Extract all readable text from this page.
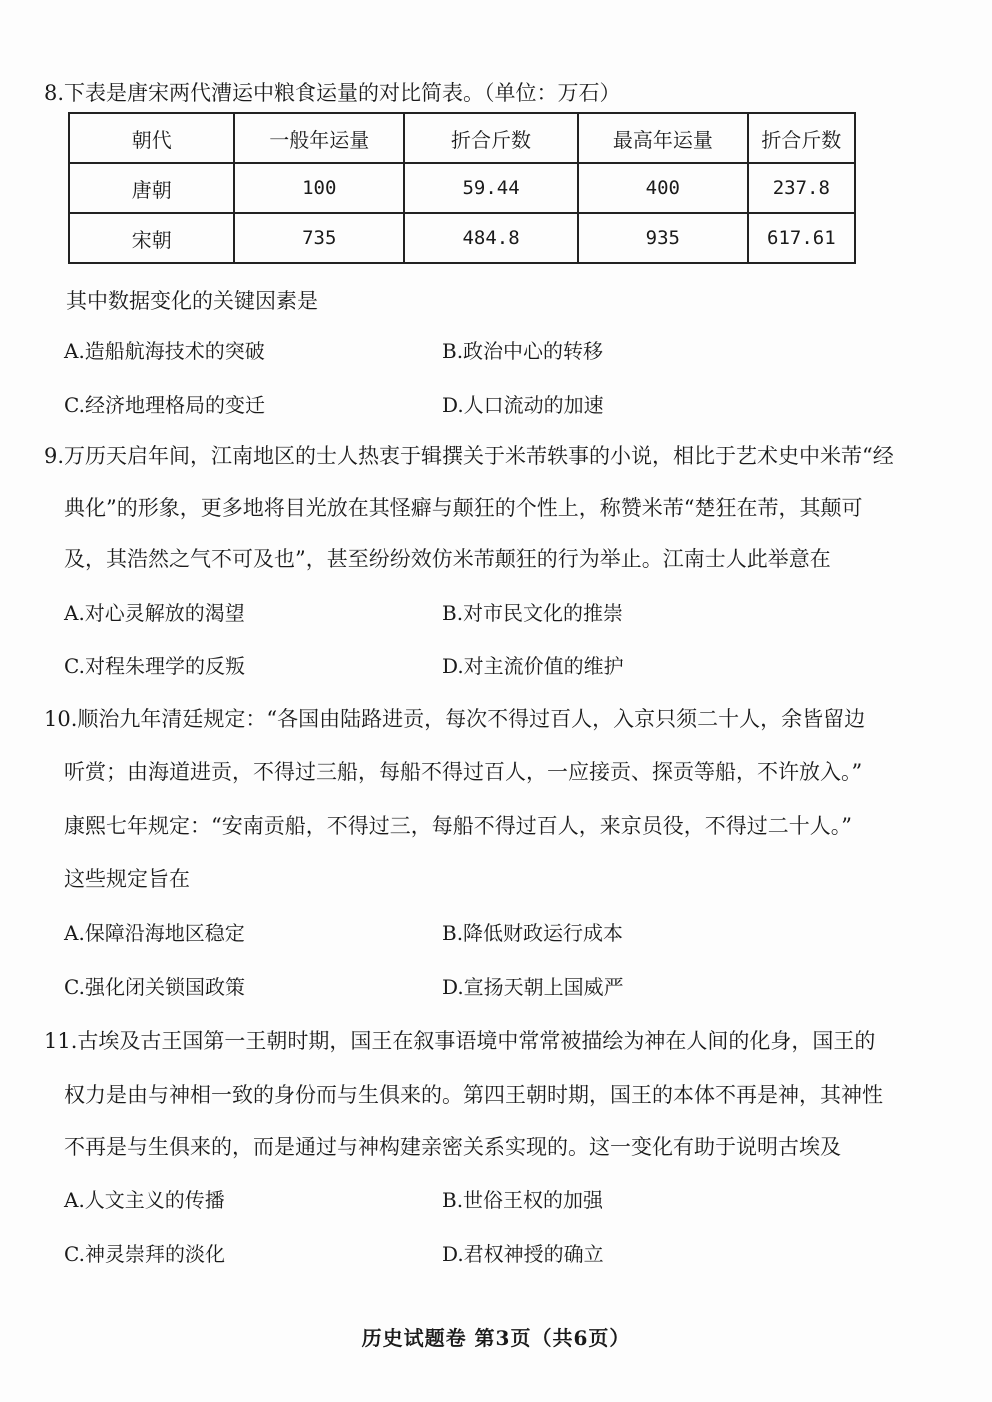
8.下表是唐宋两代漕运中粮食运量的对比简表。（单位：万石）
朝代	一般年运量	折合斤数	最高年运量	折合斤数
唐朝	100	59.44	400	237.8
宋朝	735	484.8	935	617.61
其中数据变化的关键因素是
A.造船航海技术的突破	B.政治中心的转移
C.经济地理格局的变迁	D.人口流动的加速
9.万历天启年间，江南地区的士人热衷于辑撰关于米芾轶事的小说，相比于艺术史中米芾“经
典化”的形象，更多地将目光放在其怪癖与颠狂的个性上，称赞米芾“楚狂在芾，其颠可
及，其浩然之气不可及也”，甚至纷纷效仿米芾颠狂的行为举止。江南士人此举意在
A.对心灵解放的渴望	B.对市民文化的推崇
C.对程朱理学的反叛	D.对主流价值的维护
10.顺治九年清廷规定：“各国由陆路进贡，每次不得过百人，入京只须二十人，余皆留边
听赏；由海道进贡，不得过三船，每船不得过百人，一应接贡、探贡等船，不许放入。”
康熙七年规定：“安南贡船，不得过三，每船不得过百人，来京员役，不得过二十人。”
这些规定旨在
A.保障沿海地区稳定	B.降低财政运行成本
C.强化闭关锁国政策	D.宣扬天朝上国威严
11.古埃及古王国第一王朝时期，国王在叙事语境中常常被描绘为神在人间的化身，国王的
权力是由与神相一致的身份而与生俱来的。第四王朝时期，国王的本体不再是神，其神性
不再是与生俱来的，而是通过与神构建亲密关系实现的。这一变化有助于说明古埃及
A.人文主义的传播	B.世俗王权的加强
C.神灵崇拜的淡化	D.君权神授的确立
历史试题卷 第3页（共6页）
